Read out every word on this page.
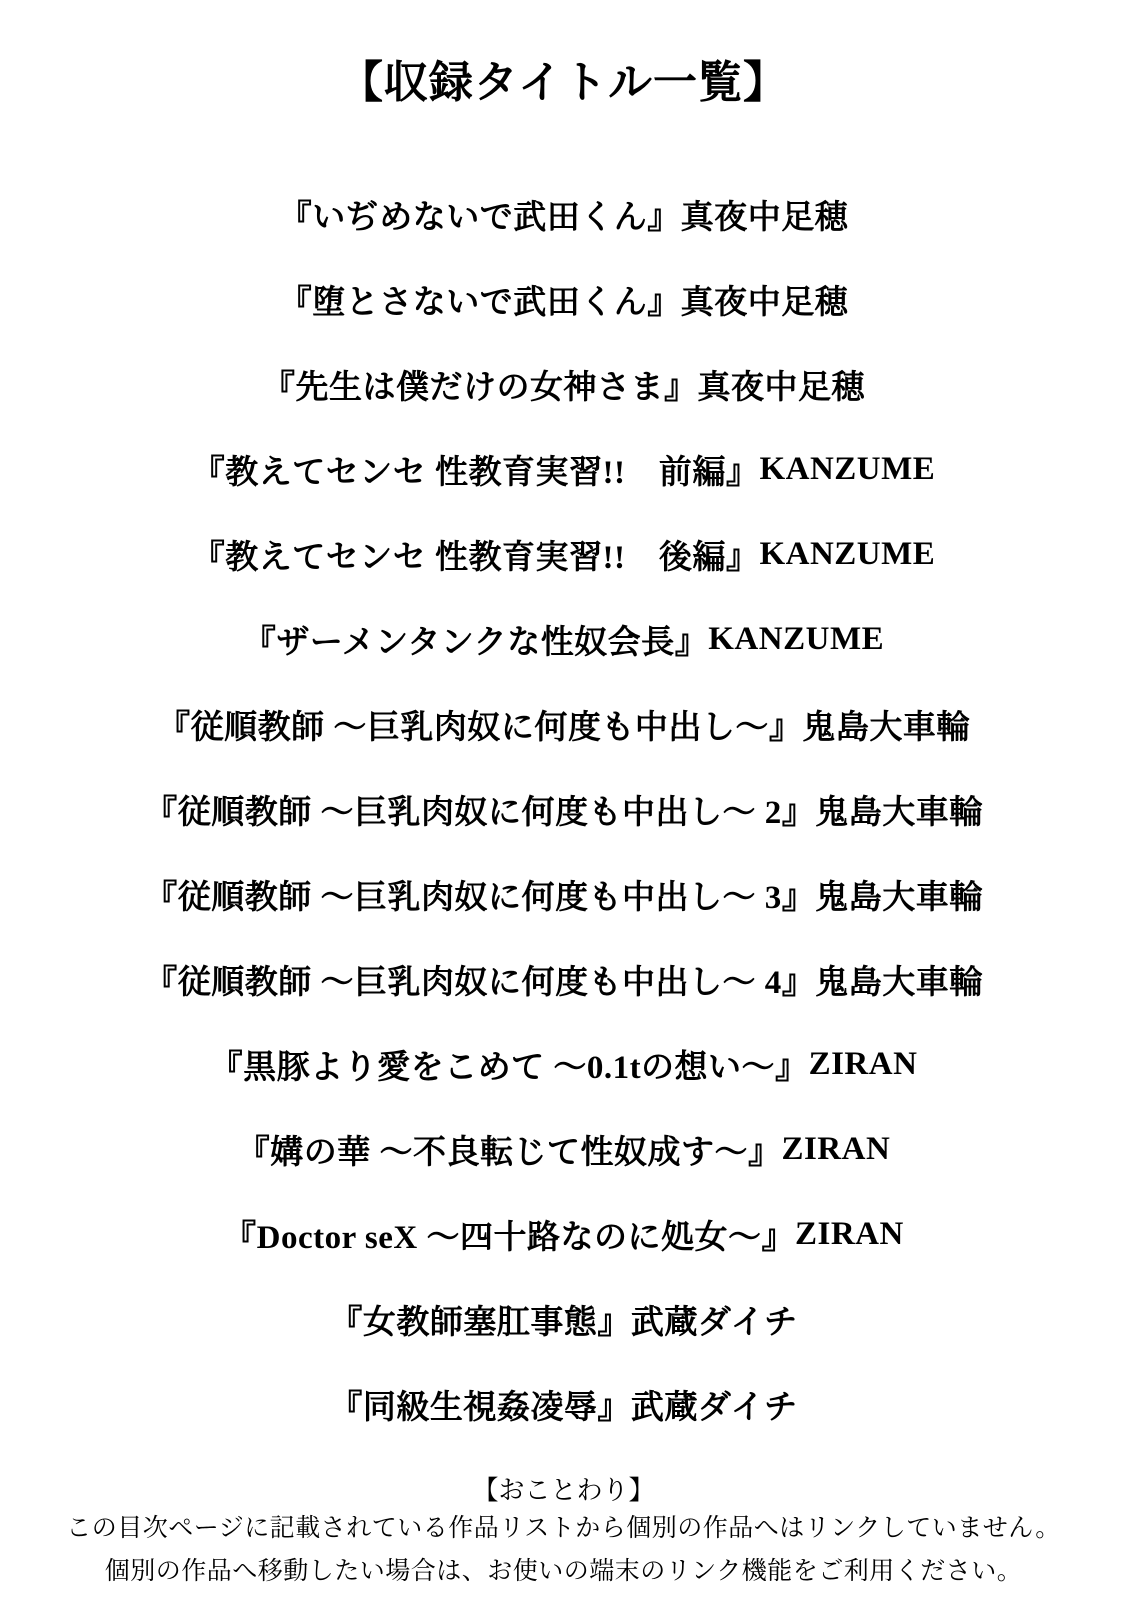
【収録タイトル一覧】
『いぢめないで武田くん』 真夜中足穂
『堕とさないで武田くん』 真夜中足穂
『先生は僕だけの女神さま』 真夜中足穂
『教えてセンセ 性教育実習!!　前編』 KANZUME
『教えてセンセ 性教育実習!!　後編』 KANZUME
『ザーメンタンクな性奴会長』 KANZUME
『従順教師 ～巨乳肉奴に何度も中出し～』 鬼島大車輪
『従順教師 ～巨乳肉奴に何度も中出し～ 2』 鬼島大車輪
『従順教師 ～巨乳肉奴に何度も中出し～ 3』 鬼島大車輪
『従順教師 ～巨乳肉奴に何度も中出し～ 4』 鬼島大車輪
『黒豚より愛をこめて ～0.1tの想い～』 ZIRAN
『媾の華 ～不良転じて性奴成す～』 ZIRAN
『Doctor seX ～四十路なのに処女～』 ZIRAN
『女教師塞肛事態』 武蔵ダイチ
『同級生視姦凌辱』 武蔵ダイチ
【おことわり】
この目次ページに記載されている作品リストから個別の作品へはリンクしていません。
個別の作品へ移動したい場合は、お使いの端末のリンク機能をご利用ください。
